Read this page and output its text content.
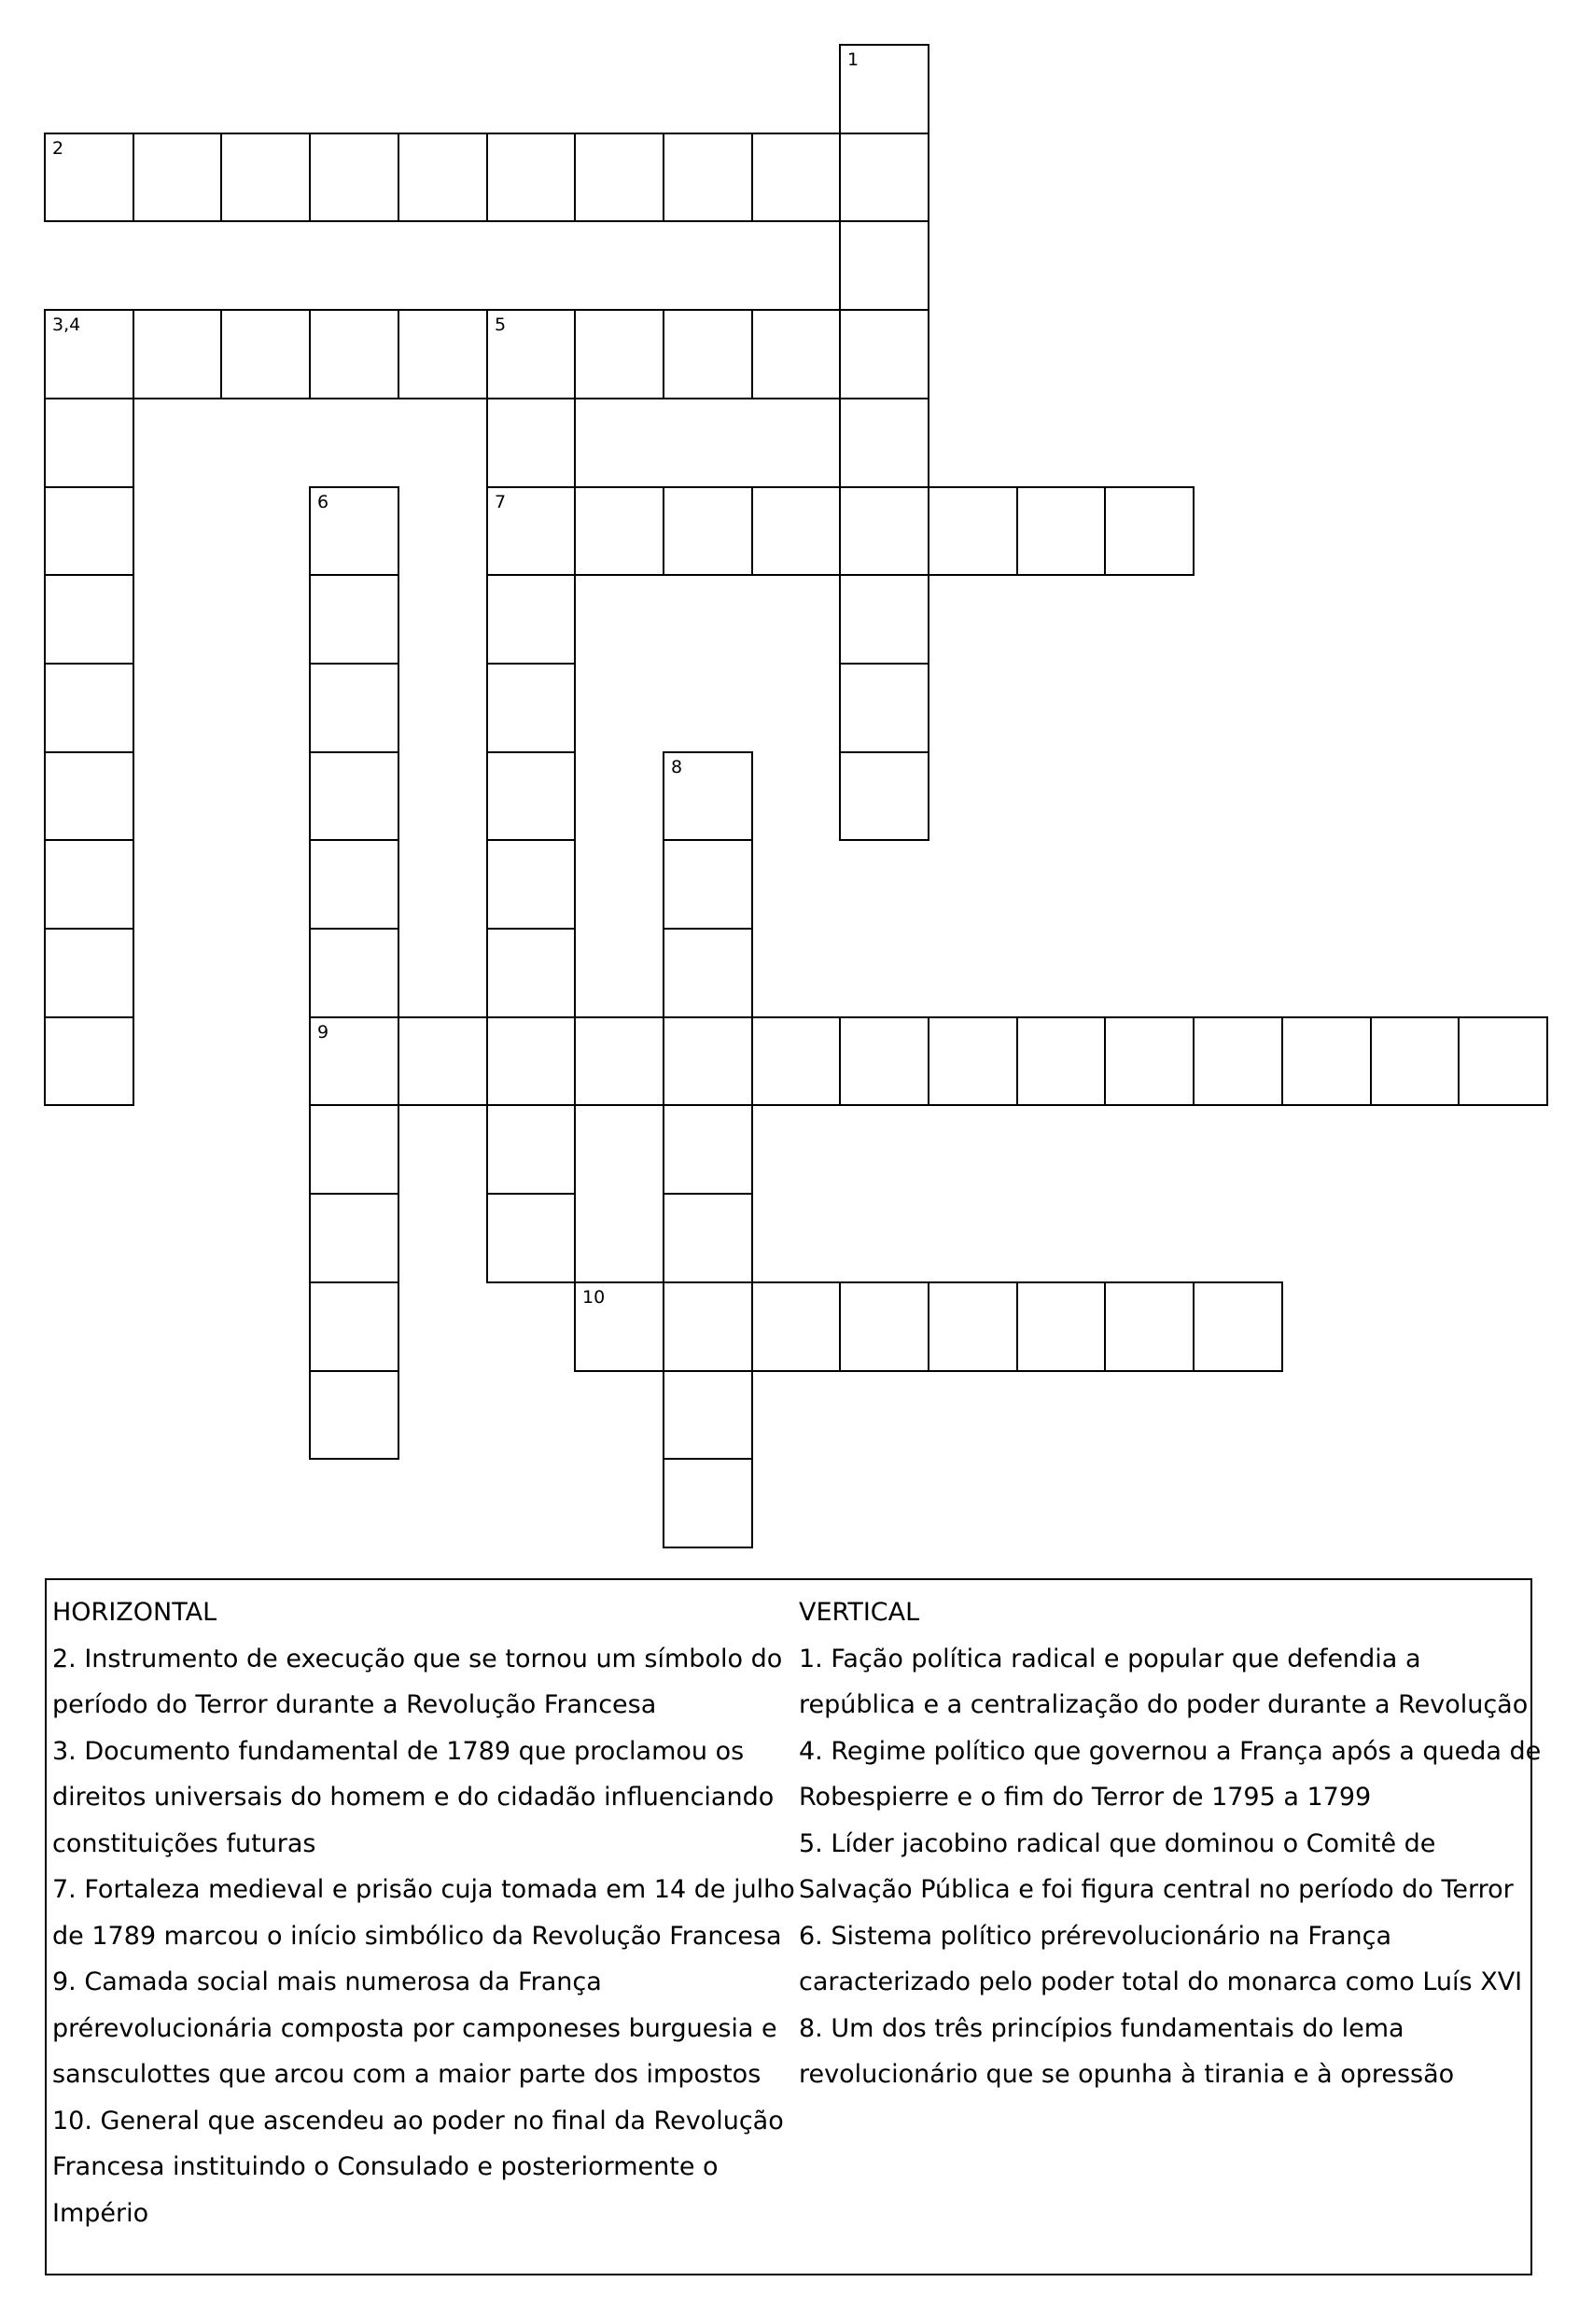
1
2
3,4	5
7
6
9
8
10
HORIZONTAL
2. Instrumento de execução que se tornou um símbolo do
período do Terror durante a Revolução Francesa
3. Documento fundamental de 1789 que proclamou os
direitos universais do homem e do cidadão influenciando
constituições futuras
7. Fortaleza medieval e prisão cuja tomada em 14 de julho
de 1789 marcou o início simbólico da Revolução Francesa
9. Camada social mais numerosa da França
prérevolucionária composta por camponeses burguesia e
sansculottes que arcou com a maior parte dos impostos
10. General que ascendeu ao poder no final da Revolução
Francesa instituindo o Consulado e posteriormente o
Império
VERTICAL
1. Fação política radical e popular que defendia a
república e a centralização do poder durante a Revolução
4. Regime político que governou a França após a queda de
Robespierre e o fim do Terror de 1795 a 1799
5. Líder jacobino radical que dominou o Comitê de
Salvação Pública e foi figura central no período do Terror
6. Sistema político prérevolucionário na França
caracterizado pelo poder total do monarca como Luís XVI
8. Um dos três princípios fundamentais do lema
revolucionário que se opunha à tirania e à opressão
